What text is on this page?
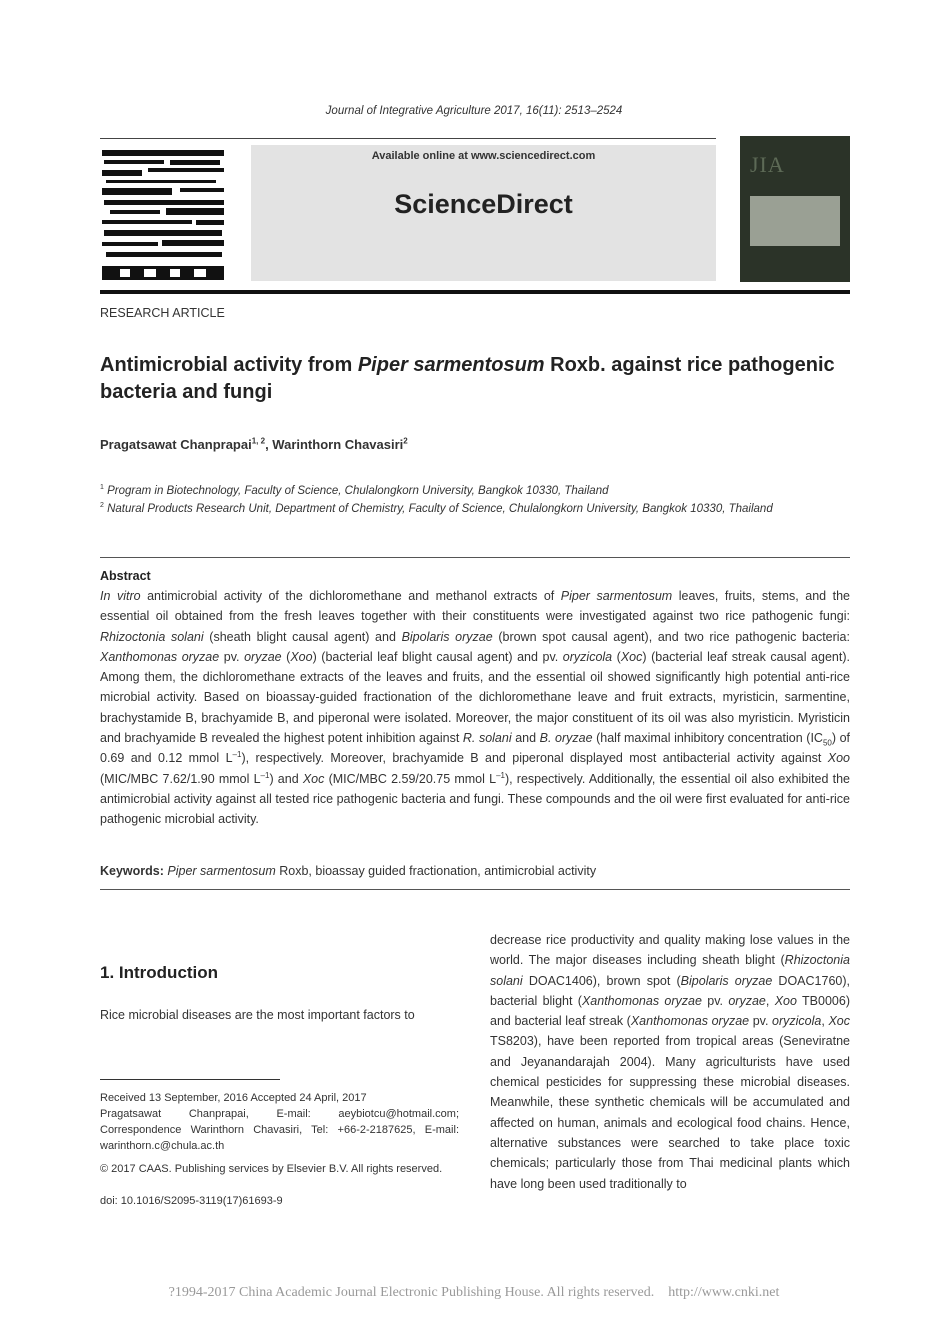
Journal of Integrative Agriculture 2017, 16(11): 2513–2524
Available online at www.sciencedirect.com
ScienceDirect
JIA
RESEARCH ARTICLE
Antimicrobial activity from Piper sarmentosum Roxb. against rice pathogenic bacteria and fungi
Pragatsawat Chanprapai$^{1, 2}$, Warinthorn Chavasiri$^2$
$^1$ Program in Biotechnology, Faculty of Science, Chulalongkorn University, Bangkok 10330, Thailand
$^2$ Natural Products Research Unit, Department of Chemistry, Faculty of Science, Chulalongkorn University, Bangkok 10330, Thailand
Abstract
In vitro antimicrobial activity of the dichloromethane and methanol extracts of Piper sarmentosum leaves, fruits, stems, and the essential oil obtained from the fresh leaves together with their constituents were investigated against two rice pathogenic fungi: Rhizoctonia solani (sheath blight causal agent) and Bipolaris oryzae (brown spot causal agent), and two rice pathogenic bacteria: Xanthomonas oryzae pv. oryzae (Xoo) (bacterial leaf blight causal agent) and pv. oryzicola (Xoc) (bacterial leaf streak causal agent). Among them, the dichloromethane extracts of the leaves and fruits, and the essential oil showed significantly high potential anti-rice microbial activity. Based on bioassay-guided fractionation of the dichloromethane leave and fruit extracts, myristicin, sarmentine, brachystamide B, brachyamide B, and piperonal were isolated. Moreover, the major constituent of its oil was also myristicin. Myristicin and brachyamide B revealed the highest potent inhibition against R. solani and B. oryzae (half maximal inhibitory concentration $(IC_{50})$ of 0.69 and 0.12 mmol $L^{-1}$), respectively. Moreover, brachyamide B and piperonal displayed most antibacterial activity against Xoo (MIC/MBC 7.62/1.90 mmol $L^{-1}$) and Xoc (MIC/MBC 2.59/20.75 mmol $L^{-1}$), respectively. Additionally, the essential oil also exhibited the antimicrobial activity against all tested rice pathogenic bacteria and fungi. These compounds and the oil were first evaluated for anti-rice pathogenic microbial activity.
Keywords: Piper sarmentosum Roxb, bioassay guided fractionation, antimicrobial activity
1. Introduction
Rice microbial diseases are the most important factors to
Received 13 September, 2016 Accepted 24 April, 2017
Pragatsawat Chanprapai, E-mail: aeybiotcu@hotmail.com; Correspondence Warinthorn Chavasiri, Tel: +66-2-2187625, E-mail: warinthorn.c@chula.ac.th
© 2017 CAAS. Publishing services by Elsevier B.V. All rights reserved.
doi: 10.1016/S2095-3119(17)61693-9
decrease rice productivity and quality making lose values in the world. The major diseases including sheath blight (Rhizoctonia solani DOAC1406), brown spot (Bipolaris oryzae DOAC1760), bacterial blight (Xanthomonas oryzae pv. oryzae, Xoo TB0006) and bacterial leaf streak (Xanthomonas oryzae pv. oryzicola, Xoc TS8203), have been reported from tropical areas (Seneviratne and Jeyanandarajah 2004). Many agriculturists have used chemical pesticides for suppressing these microbial diseases. Meanwhile, these synthetic chemicals will be accumulated and affected on human, animals and ecological food chains. Hence, alternative substances were searched to take place toxic chemicals; particularly those from Thai medicinal plants which have long been used traditionally to
?1994-2017 China Academic Journal Electronic Publishing House. All rights reserved. http://www.cnki.net
